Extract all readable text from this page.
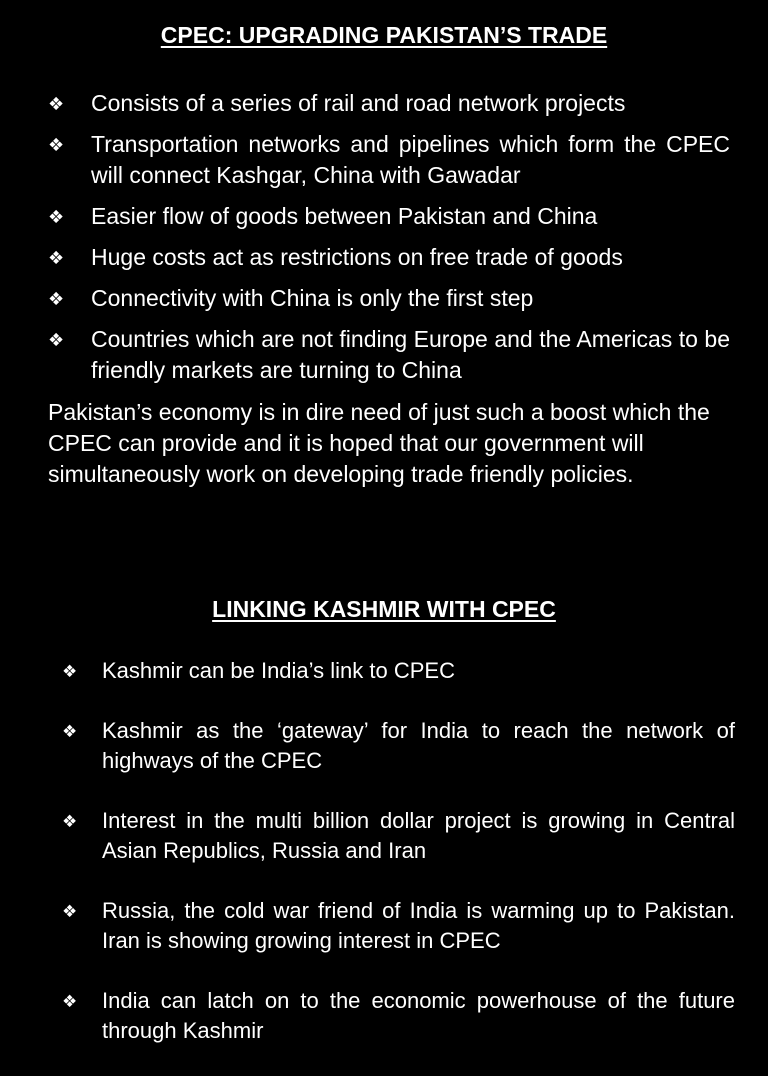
CPEC: UPGRADING PAKISTAN’S TRADE
❖ Consists of a series of rail and road network projects
❖ Transportation networks and pipelines which form the CPEC will connect Kashgar, China with Gawadar
❖ Easier flow of goods between Pakistan and China
❖ Huge costs act as restrictions on free trade of goods
❖ Connectivity with China is only the first step
❖ Countries which are not finding Europe and the Americas to be friendly markets are turning to China

Pakistan’s economy is in dire need of just such a boost which the CPEC can provide and it is hoped that our government will simultaneously work on developing trade friendly policies.

LINKING KASHMIR WITH CPEC
❖ Kashmir can be India’s link to CPEC
❖ Kashmir as the ‘gateway’ for India to reach the network of highways of the CPEC
❖ Interest in the multi billion dollar project is growing in Central Asian Republics, Russia and Iran
❖ Russia, the cold war friend of India is warming up to Pakistan. Iran is showing growing interest in CPEC
❖ India can latch on to the economic powerhouse of the future through Kashmir
